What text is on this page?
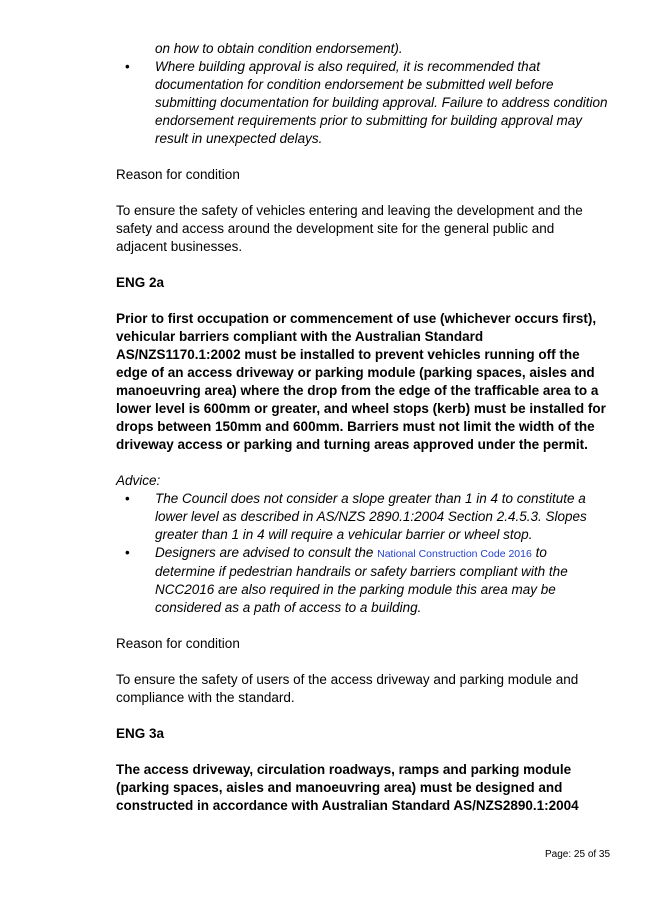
on how to obtain condition endorsement).

• Where building approval is also required, it is recommended that documentation for condition endorsement be submitted well before submitting documentation for building approval. Failure to address condition endorsement requirements prior to submitting for building approval may result in unexpected delays.

Reason for condition

To ensure the safety of vehicles entering and leaving the development and the safety and access around the development site for the general public and adjacent businesses.

ENG 2a

Prior to first occupation or commencement of use (whichever occurs first), vehicular barriers compliant with the Australian Standard AS/NZS1170.1:2002 must be installed to prevent vehicles running off the edge of an access driveway or parking module (parking spaces, aisles and manoeuvring area) where the drop from the edge of the trafficable area to a lower level is 600mm or greater, and wheel stops (kerb) must be installed for drops between 150mm and 600mm. Barriers must not limit the width of the driveway access or parking and turning areas approved under the permit.

Advice:

• The Council does not consider a slope greater than 1 in 4 to constitute a lower level as described in AS/NZS 2890.1:2004 Section 2.4.5.3. Slopes greater than 1 in 4 will require a vehicular barrier or wheel stop.
• Designers are advised to consult the National Construction Code 2016 to determine if pedestrian handrails or safety barriers compliant with the NCC2016 are also required in the parking module this area may be considered as a path of access to a building.

Reason for condition

To ensure the safety of users of the access driveway and parking module and compliance with the standard.

ENG 3a

The access driveway, circulation roadways, ramps and parking module (parking spaces, aisles and manoeuvring area) must be designed and constructed in accordance with Australian Standard AS/NZS2890.1:2004

Page: 25 of 35
